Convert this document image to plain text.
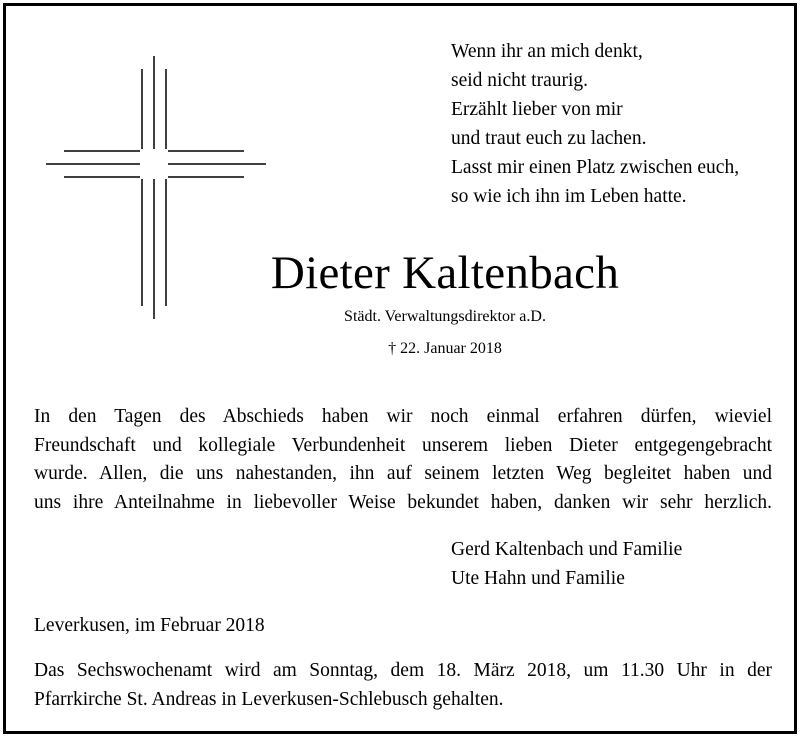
Wenn ihr an mich denkt,
seid nicht traurig.
Erzählt lieber von mir
und traut euch zu lachen.
Lasst mir einen Platz zwischen euch,
so wie ich ihn im Leben hatte.
Dieter Kaltenbach
Städt. Verwaltungsdirektor a.D.
† 22. Januar 2018
In den Tagen des Abschieds haben wir noch einmal erfahren dürfen, wieviel
Freundschaft und kollegiale Verbundenheit unserem lieben Dieter entgegengebracht
wurde. Allen, die uns nahestanden, ihn auf seinem letzten Weg begleitet haben und
uns ihre Anteilnahme in liebevoller Weise bekundet haben, danken wir sehr herzlich.
Gerd Kaltenbach und Familie
Ute Hahn und Familie
Leverkusen, im Februar 2018
Das Sechswochenamt wird am Sonntag, dem 18. März 2018, um 11.30 Uhr in der
Pfarrkirche St. Andreas in Leverkusen-Schlebusch gehalten.
